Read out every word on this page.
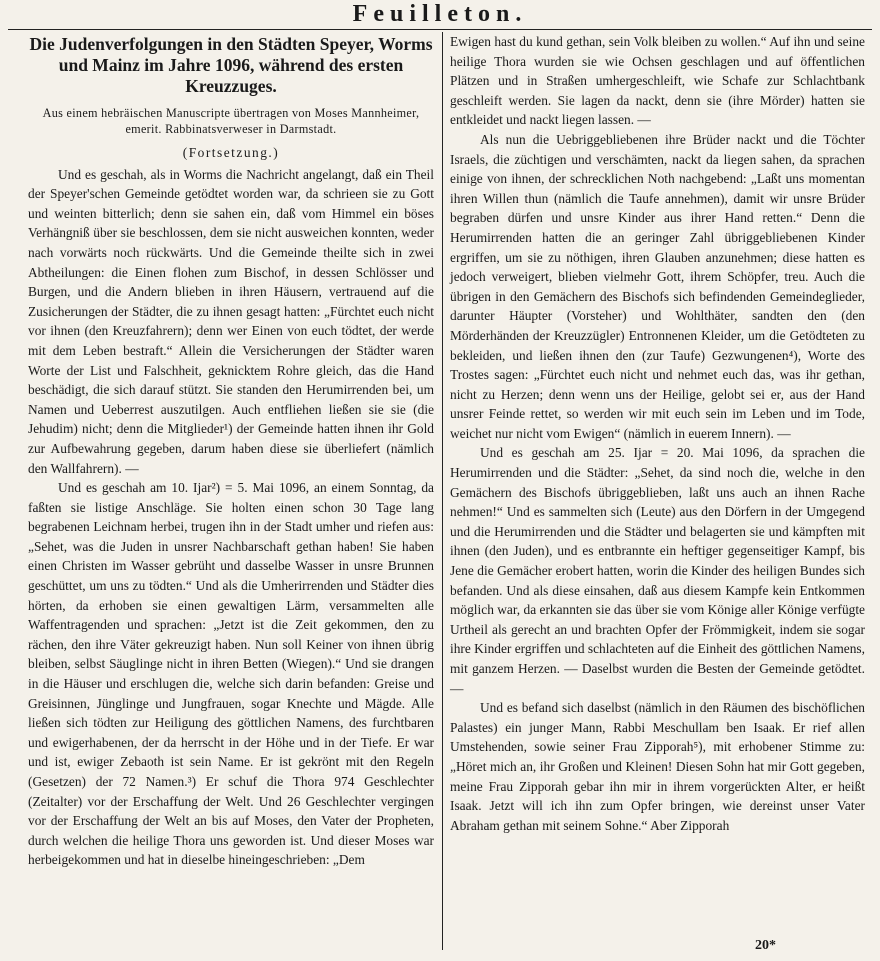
Feuilleton.
Die Judenverfolgungen in den Städten Speyer, Worms und Mainz im Jahre 1096, während des ersten Kreuzzuges.
Aus einem hebräischen Manuscripte übertragen von Moses Mannheimer, emerit. Rabbinatsverweser in Darmstadt.
(Fortsetzung.)

Und es geschah, als in Worms die Nachricht angelangt, daß ein Theil der Speyer'schen Gemeinde getödtet worden war, da schrieen sie zu Gott und weinten bitterlich; denn sie sahen ein, daß vom Himmel ein böses Verhängniß über sie beschlossen, dem sie nicht ausweichen konnten, weder nach vorwärts noch rückwärts. Und die Gemeinde theilte sich in zwei Abtheilungen: die Einen flohen zum Bischof, in dessen Schlösser und Burgen, und die Andern blieben in ihren Häusern, vertrauend auf die Zusicherungen der Städter, die zu ihnen gesagt hatten: „Fürchtet euch nicht vor ihnen (den Kreuzfahrern); denn wer Einen von euch tödtet, der werde mit dem Leben bestraft.“ Allein die Versicherungen der Städter waren Worte der List und Falschheit, geknicktem Rohre gleich, das die Hand beschädigt, die sich darauf stützt. Sie standen den Herumirrenden bei, um Namen und Ueberrest auszutilgen. Auch entfliehen ließen sie sie (die Jehudim) nicht; denn die Mitglieder¹) der Gemeinde hatten ihnen ihr Gold zur Aufbewahrung gegeben, darum haben diese sie überliefert (nämlich den Wallfahrern). —

Und es geschah am 10. Ijar²) = 5. Mai 1096, an einem Sonntag, da faßten sie listige Anschläge. Sie holten einen schon 30 Tage lang begrabenen Leichnam herbei, trugen ihn in der Stadt umher und riefen aus: „Sehet, was die Juden in unsrer Nachbarschaft gethan haben! Sie haben einen Christen im Wasser gebrüht und dasselbe Wasser in unsre Brunnen geschüttet, um uns zu tödten.“ Und als die Umherirrenden und Städter dies hörten, da erhoben sie einen gewaltigen Lärm, versammelten alle Waffentragenden und sprachen: „Jetzt ist die Zeit gekommen, den zu rächen, den ihre Väter gekreuzigt haben. Nun soll Keiner von ihnen übrig bleiben, selbst Säuglinge nicht in ihren Betten (Wiegen).“ Und sie drangen in die Häuser und erschlugen die, welche sich darin befanden: Greise und Greisinnen, Jünglinge und Jungfrauen, sogar Knechte und Mägde. Alle ließen sich tödten zur Heiligung des göttlichen Namens, des furchtbaren und ewigerhabenen, der da herrscht in der Höhe und in der Tiefe. Er war und ist, ewiger Zebaoth ist sein Name. Er ist gekrönt mit den Regeln (Gesetzen) der 72 Namen.³) Er schuf die Thora 974 Geschlechter (Zeitalter) vor der Erschaffung der Welt. Und 26 Geschlechter vergingen vor der Erschaffung der Welt an bis auf Moses, den Vater der Propheten, durch welchen die heilige Thora uns geworden ist. Und dieser Moses war herbeigekommen und hat in dieselbe hineingeschrieben: „Dem

Ewigen hast du kund gethan, sein Volk bleiben zu wollen.“ Auf ihn und seine heilige Thora wurden sie wie Ochsen geschlagen und auf öffentlichen Plätzen und in Straßen umhergeschleift, wie Schafe zur Schlachtbank geschleift werden. Sie lagen da nackt, denn sie (ihre Mörder) hatten sie entkleidet und nackt liegen lassen. —

Als nun die Uebriggebliebenen ihre Brüder nackt und die Töchter Israels, die züchtigen und verschämten, nackt da liegen sahen, da sprachen einige von ihnen, der schrecklichen Noth nachgebend: „Laßt uns momentan ihren Willen thun (nämlich die Taufe annehmen), damit wir unsre Brüder begraben dürfen und unsre Kinder aus ihrer Hand retten.“ Denn die Herumirrenden hatten die an geringer Zahl übriggebliebenen Kinder ergriffen, um sie zu nöthigen, ihren Glauben anzunehmen; diese hatten es jedoch verweigert, blieben vielmehr Gott, ihrem Schöpfer, treu. Auch die übrigen in den Gemächern des Bischofs sich befindenden Gemeindeglieder, darunter Häupter (Vorsteher) und Wohlthäter, sandten den (den Mörderhänden der Kreuzzügler) Entronnenen Kleider, um die Getödteten zu bekleiden, und ließen ihnen den (zur Taufe) Gezwungenen⁴), Worte des Trostes sagen: „Fürchtet euch nicht und nehmet euch das, was ihr gethan, nicht zu Herzen; denn wenn uns der Heilige, gelobt sei er, aus der Hand unsrer Feinde rettet, so werden wir mit euch sein im Leben und im Tode, weichet nur nicht vom Ewigen“ (nämlich in euerem Innern). —

Und es geschah am 25. Ijar = 20. Mai 1096, da sprachen die Herumirrenden und die Städter: „Sehet, da sind noch die, welche in den Gemächern des Bischofs übriggeblieben, laßt uns auch an ihnen Rache nehmen!“ Und es sammelten sich (Leute) aus den Dörfern in der Umgegend und die Herumirrenden und die Städter und belagerten sie und kämpften mit ihnen (den Juden), und es entbrannte ein heftiger gegenseitiger Kampf, bis Jene die Gemächer erobert hatten, worin die Kinder des heiligen Bundes sich befanden. Und als diese einsahen, daß aus diesem Kampfe kein Entkommen möglich war, da erkannten sie das über sie vom Könige aller Könige verfügte Urtheil als gerecht an und brachten Opfer der Frömmigkeit, indem sie sogar ihre Kinder ergriffen und schlachteten auf die Einheit des göttlichen Namens, mit ganzem Herzen. — Daselbst wurden die Besten der Gemeinde getödtet. —

Und es befand sich daselbst (nämlich in den Räumen des bischöflichen Palastes) ein junger Mann, Rabbi Meschullam ben Isaak. Er rief allen Umstehenden, sowie seiner Frau Zipporah⁵), mit erhobener Stimme zu: „Höret mich an, ihr Großen und Kleinen! Diesen Sohn hat mir Gott gegeben, meine Frau Zipporah gebar ihn mir in ihrem vorgerückten Alter, er heißt Isaak. Jetzt will ich ihn zum Opfer bringen, wie dereinst unser Vater Abraham gethan mit seinem Sohne.“ Aber Zipporah

20*
